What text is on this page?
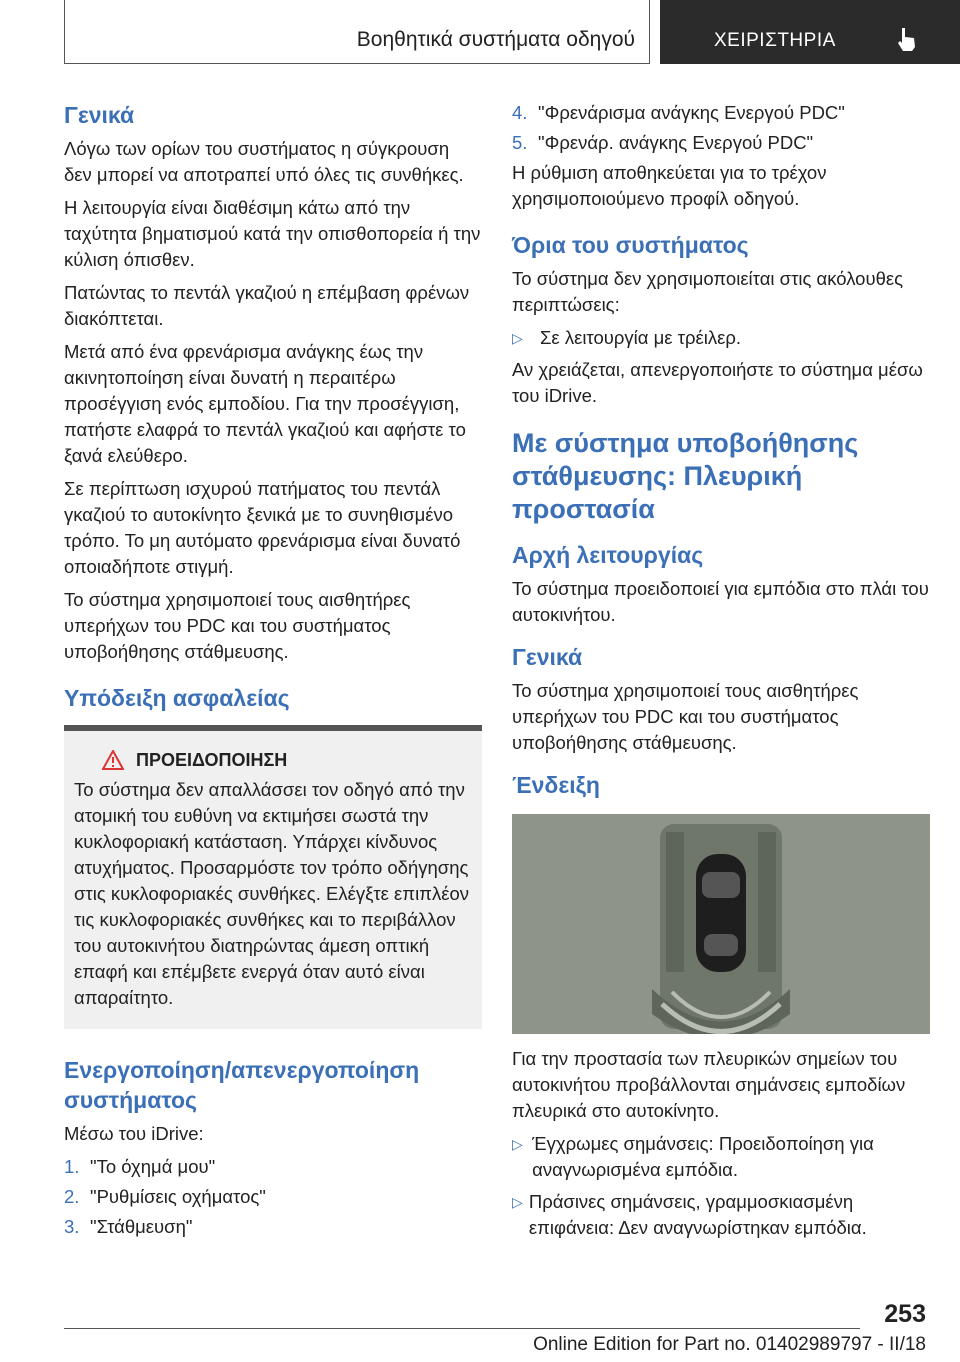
Βοηθητικά συστήματα οδηγού	ΧΕΙΡΙΣΤΗΡΙΑ
Γενικά

Λόγω των ορίων του συστήματος η σύγκρουση δεν μπορεί να αποτραπεί υπό όλες τις συνθήκες.

Η λειτουργία είναι διαθέσιμη κάτω από την ταχύτητα βηματισμού κατά την οπισθοπορεία ή την κύλιση όπισθεν.

Πατώντας το πεντάλ γκαζιού η επέμβαση φρένων διακόπτεται.

Μετά από ένα φρενάρισμα ανάγκης έως την ακινητοποίηση είναι δυνατή η περαιτέρω προσέγγιση ενός εμποδίου. Για την προσέγγιση, πατήστε ελαφρά το πεντάλ γκαζιού και αφήστε το ξανά ελεύθερο.

Σε περίπτωση ισχυρού πατήματος του πεντάλ γκαζιού το αυτοκίνητο ξενικά με το συνηθισμένο τρόπο. Το μη αυτόματο φρενάρισμα είναι δυνατό οποιαδήποτε στιγμή.

Το σύστημα χρησιμοποιεί τους αισθητήρες υπερήχων του PDC και του συστήματος υποβοήθησης στάθμευσης.

Υπόδειξη ασφαλείας
ΠΡΟΕΙΔΟΠΟΙΗΣΗ
Το σύστημα δεν απαλλάσσει τον οδηγό από την ατομική του ευθύνη να εκτιμήσει σωστά την κυκλοφοριακή κατάσταση. Υπάρχει κίνδυνος ατυχήματος. Προσαρμόστε τον τρόπο οδήγησης στις κυκλοφοριακές συνθήκες. Ελέγξτε επιπλέον τις κυκλοφοριακές συνθήκες και το περιβάλλον του αυτοκινήτου διατηρώντας άμεση οπτική επαφή και επέμβετε ενεργά όταν αυτό είναι απαραίτητο.
Ενεργοποίηση/απενεργοποίηση συστήματος

Μέσω του iDrive:

1. "Το όχημά μου"
2. "Ρυθμίσεις οχήματος"
3. "Στάθμευση"
4. "Φρενάρισμα ανάγκης Ενεργού PDC"
5. "Φρενάρ. ανάγκης Ενεργού PDC"

Η ρύθμιση αποθηκεύεται για το τρέχον χρησιμοποιούμενο προφίλ οδηγού.

Όρια του συστήματος

Το σύστημα δεν χρησιμοποιείται στις ακόλουθες περιπτώσεις:

▷ Σε λειτουργία με τρέιλερ.

Αν χρειάζεται, απενεργοποιήστε το σύστημα μέσω του iDrive.

Με σύστημα υποβοήθησης στάθμευσης: Πλευρική προστασία
Αρχή λειτουργίας

Το σύστημα προειδοποιεί για εμπόδια στο πλάι του αυτοκινήτου.

Γενικά

Το σύστημα χρησιμοποιεί τους αισθητήρες υπερήχων του PDC και του συστήματος υποβοήθησης στάθμευσης.

Ένδειξη

Για την προστασία των πλευρικών σημείων του αυτοκινήτου προβάλλονται σημάνσεις εμποδίων πλευρικά στο αυτοκίνητο.

▷ Έγχρωμες σημάνσεις: Προειδοποίηση για αναγνωρισμένα εμπόδια.
▷ Πράσινες σημάνσεις, γραμμοσκιασμένη επιφάνεια: Δεν αναγνωρίστηκαν εμπόδια.
253
Online Edition for Part no. 01402989797 - II/18
